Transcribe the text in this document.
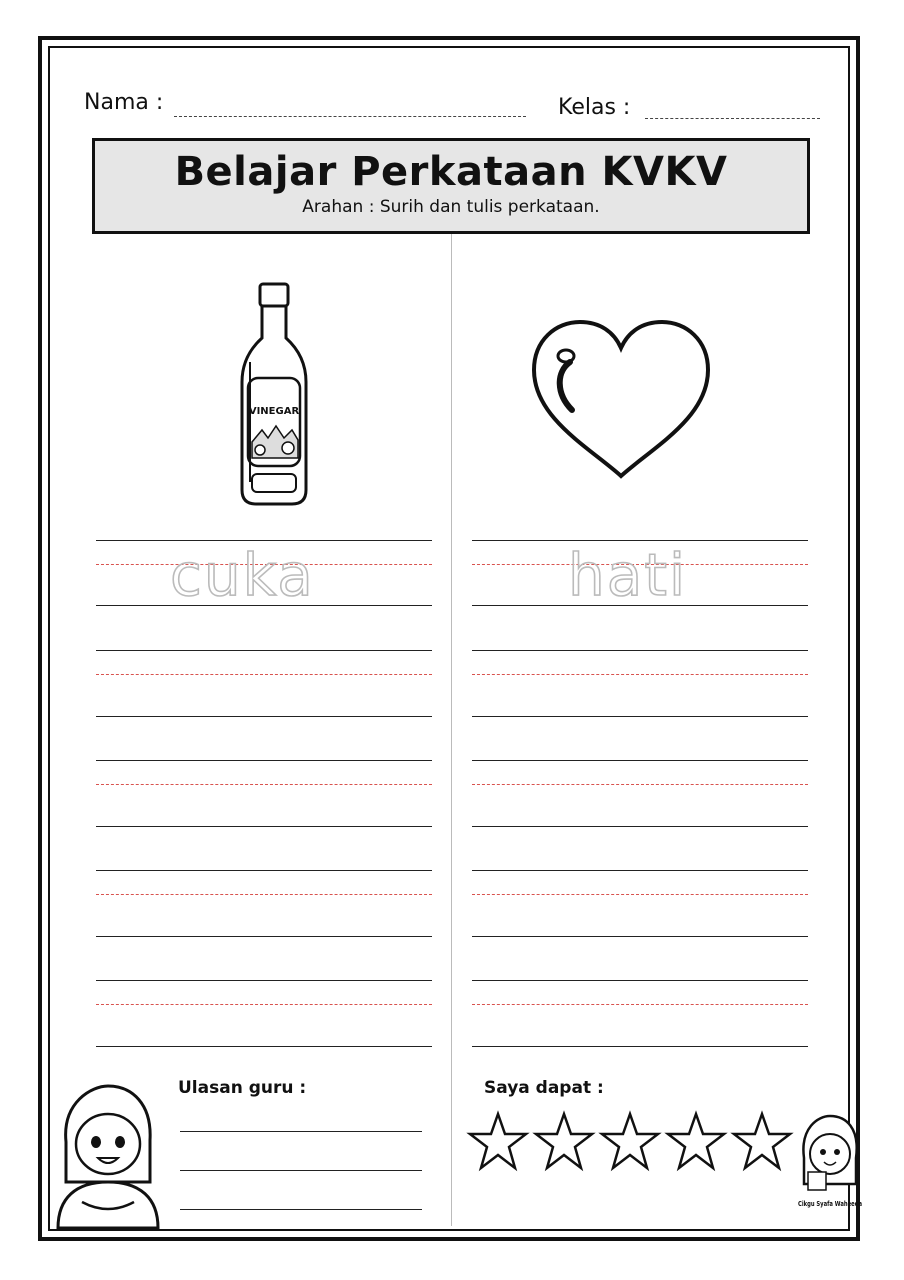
Nama :	Kelas :
Belajar Perkataan KVKV
Arahan : Surih dan tulis perkataan.
VINEGAR
cuka	hati
Ulasan guru :	Saya dapat :
Cikgu Syafa Waheeda
